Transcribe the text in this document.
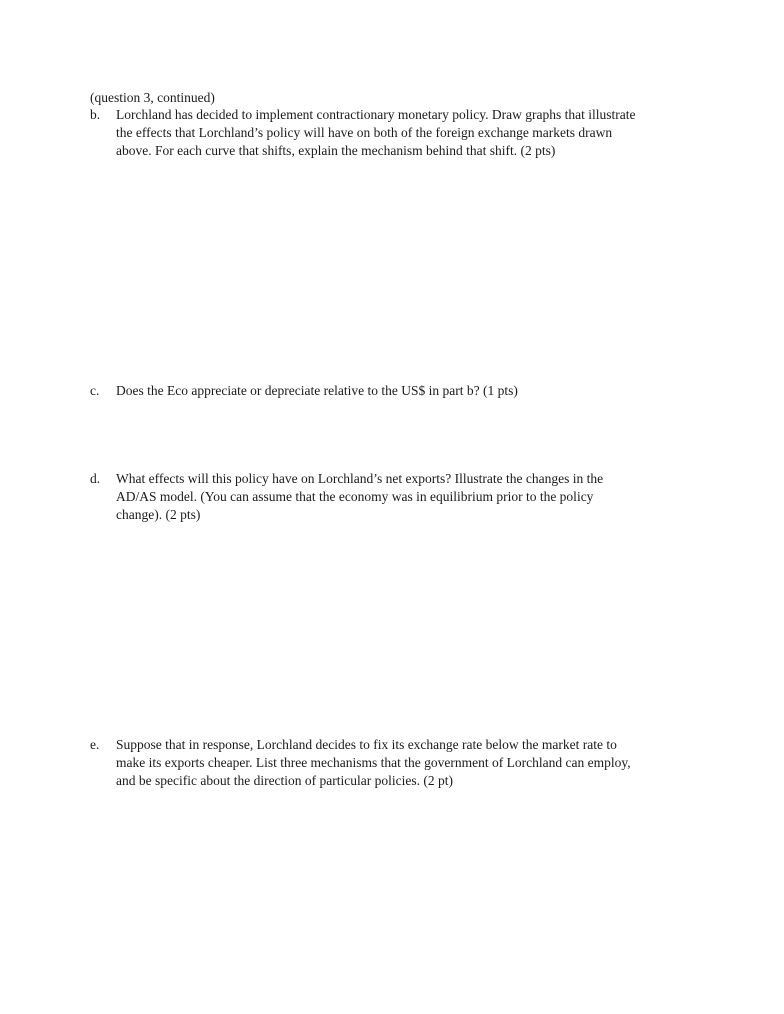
(question 3, continued)
b.	Lorchland has decided to implement contractionary monetary policy. Draw graphs that illustrate
the effects that Lorchland’s policy will have on both of the foreign exchange markets drawn
above. For each curve that shifts, explain the mechanism behind that shift. (2 pts)
c.	Does the Eco appreciate or depreciate relative to the US$ in part b? (1 pts)
d.	What effects will this policy have on Lorchland’s net exports? Illustrate the changes in the
AD/AS model. (You can assume that the economy was in equilibrium prior to the policy
change). (2 pts)
e.	Suppose that in response, Lorchland decides to fix its exchange rate below the market rate to
make its exports cheaper. List three mechanisms that the government of Lorchland can employ,
and be specific about the direction of particular policies. (2 pt)
